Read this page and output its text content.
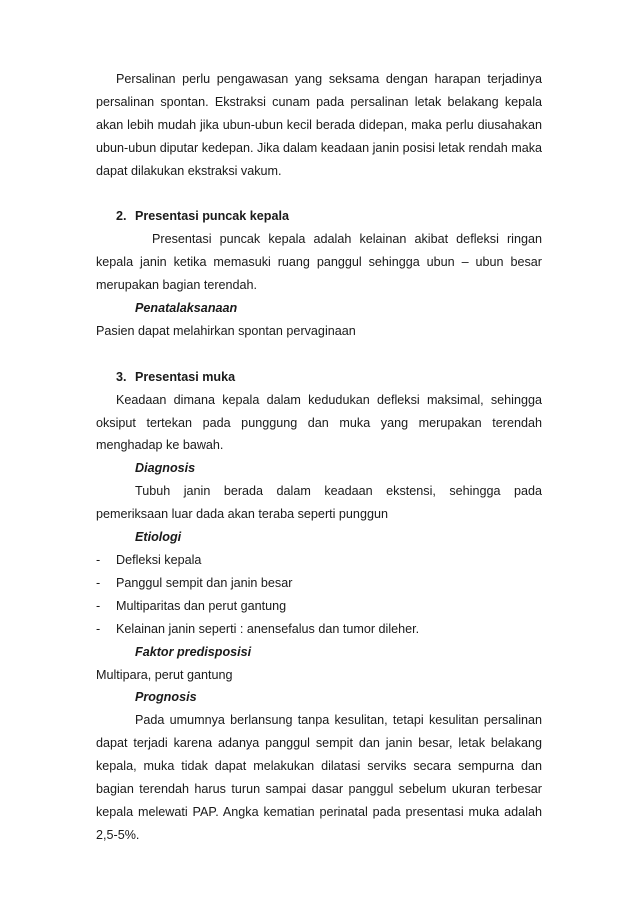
Persalinan perlu pengawasan yang seksama dengan harapan terjadinya persalinan spontan. Ekstraksi cunam pada persalinan letak belakang kepala akan lebih mudah jika ubun-ubun kecil berada didepan, maka perlu diusahakan ubun-ubun diputar kedepan. Jika dalam keadaan janin posisi letak rendah maka dapat dilakukan ekstraksi vakum.

2. Presentasi puncak kepala

Presentasi puncak kepala adalah kelainan akibat defleksi ringan kepala janin ketika memasuki ruang panggul sehingga ubun – ubun besar merupakan bagian terendah.

Penatalaksanaan

Pasien dapat melahirkan spontan pervaginaan

3. Presentasi muka

Keadaan dimana kepala dalam kedudukan defleksi maksimal, sehingga oksiput tertekan pada punggung dan muka yang merupakan terendah menghadap ke bawah.

Diagnosis

Tubuh janin berada dalam keadaan ekstensi, sehingga pada pemeriksaan luar dada akan teraba seperti punggun

Etiologi

- Defleksi kepala
- Panggul sempit dan janin besar
- Multiparitas dan perut gantung
- Kelainan janin seperti : anensefalus dan tumor dileher.

Faktor predisposisi

Multipara, perut gantung

Prognosis

Pada umumnya berlansung tanpa kesulitan, tetapi kesulitan persalinan dapat terjadi karena adanya panggul sempit dan janin besar, letak belakang kepala, muka tidak dapat melakukan dilatasi serviks secara sempurna dan bagian terendah harus turun sampai dasar panggul sebelum ukuran terbesar kepala melewati PAP. Angka kematian perinatal pada presentasi muka adalah 2,5-5%.
